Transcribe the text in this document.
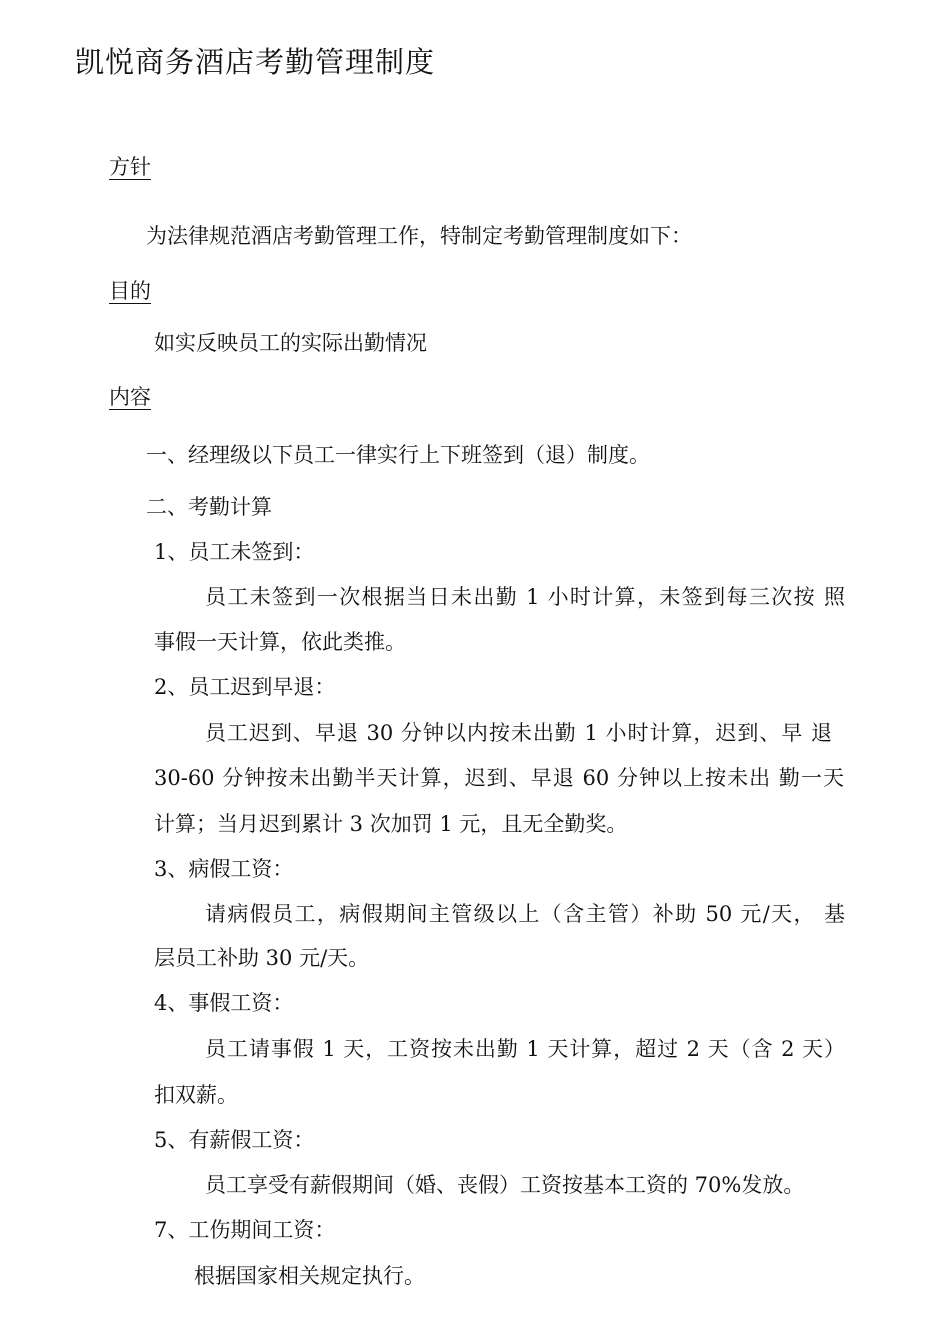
凯悦商务酒店考勤管理制度
方针
为法律规范酒店考勤管理工作，特制定考勤管理制度如下：
目的
如实反映员工的实际出勤情况
内容
一、经理级以下员工一律实行上下班签到（退）制度。
二、考勤计算
1、员工未签到：
员工未签到一次根据当日未出勤 1 小时计算，未签到每三次按 照
事假一天计算，依此类推。
2、员工迟到早退：
员工迟到、早退 30 分钟以内按未出勤 1 小时计算，迟到、早 退
30-60 分钟按未出勤半天计算，迟到、早退 60 分钟以上按未出 勤一天
计算；当月迟到累计 3 次加罚 1 元，且无全勤奖。
3、病假工资：
请病假员工，病假期间主管级以上（含主管）补助 50 元/天， 基
层员工补助 30 元/天。
4、事假工资：
员工请事假 1 天，工资按未出勤 1 天计算，超过 2 天（含 2 天）
扣双薪。
5、有薪假工资：
员工享受有薪假期间（婚、丧假）工资按基本工资的 70%发放。
7、工伤期间工资：
根据国家相关规定执行。
